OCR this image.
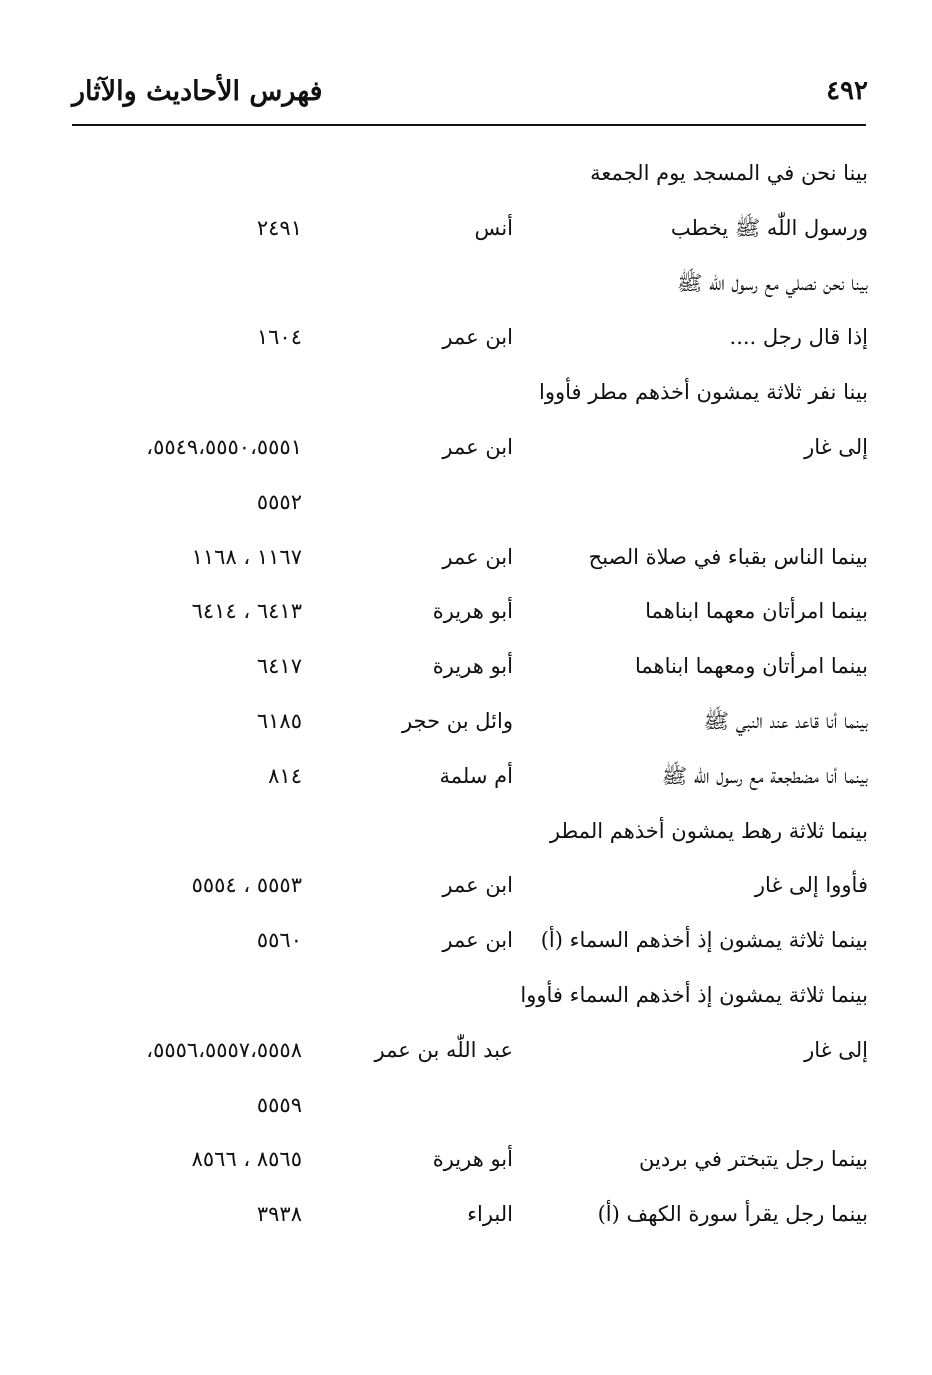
٤٩٢
فهرس الأحاديث والآثار
بينا نحن في المسجد يوم الجمعة
ورسول اللّٰه ﷺ يخطب
أنس
٢٤٩١
بينا نحن نصلي مع رسول اللّٰه ﷺ
إذا قال رجل ....
ابن عمر
١٦٠٤
بينا نفر ثلاثة يمشون أخذهم مطر فأووا
إلى غار
ابن عمر
٥٥٤٩،٥٥٥٠،٥٥٥١،
٥٥٥٢
بينما الناس بقباء في صلاة الصبح
ابن عمر
١١٦٧ ، ١١٦٨
بينما امرأتان معهما ابناهما
أبو هريرة
٦٤١٣ ، ٦٤١٤
بينما امرأتان ومعهما ابناهما
أبو هريرة
٦٤١٧
بينما أنا قاعد عند النبي ﷺ
وائل بن حجر
٦١٨٥
بينما أنا مضطجعة مع رسول اللّٰه ﷺ
أم سلمة
٨١٤
بينما ثلاثة رهط يمشون أخذهم المطر
فأووا إلى غار
ابن عمر
٥٥٥٣ ، ٥٥٥٤
بينما ثلاثة يمشون إذ أخذهم السماء (أ)
ابن عمر
٥٥٦٠
بينما ثلاثة يمشون إذ أخذهم السماء فأووا
إلى غار
عبد اللّٰه بن عمر
٥٥٥٦،٥٥٥٧،٥٥٥٨،
٥٥٥٩
بينما رجل يتبختر في بردين
أبو هريرة
٨٥٦٥ ، ٨٥٦٦
بينما رجل يقرأ سورة الكهف (أ)
البراء
٣٩٣٨
